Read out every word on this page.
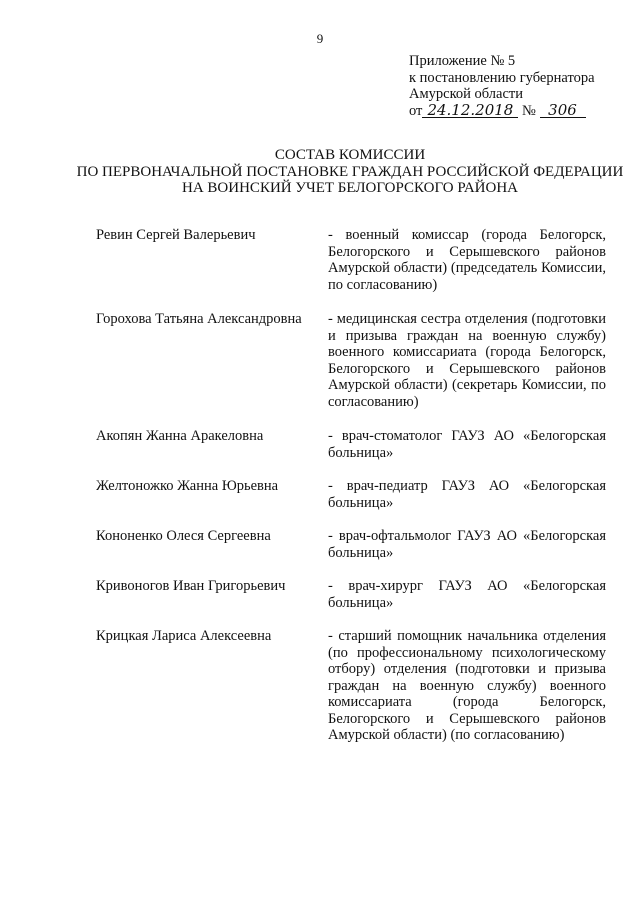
9
Приложение № 5
к постановлению губернатора
Амурской области
от 24.12.2018 № 306
СОСТАВ КОМИССИИ
ПО ПЕРВОНАЧАЛЬНОЙ ПОСТАНОВКЕ ГРАЖДАН РОССИЙСКОЙ ФЕДЕРАЦИИ
НА ВОИНСКИЙ УЧЕТ БЕЛОГОРСКОГО РАЙОНА
Ревин Сергей Валерьевич	- военный комиссар (города Белогорск, Белогорского и Серышевского районов Амурской области) (председатель Комиссии, по согласованию)
Горохова Татьяна Александровна	- медицинская сестра отделения (подготовки и призыва граждан на военную службу) военного комиссариата (города Белогорск, Белогорского и Серышевского районов Амурской области) (секретарь Комиссии, по согласованию)
Акопян Жанна Аракеловна	- врач-стоматолог ГАУЗ АО «Белогорская больница»
Желтоножко Жанна Юрьевна	- врач-педиатр ГАУЗ АО «Белогорская больница»
Кононенко Олеся Сергеевна	- врач-офтальмолог ГАУЗ АО «Белогорская больница»
Кривоногов Иван Григорьевич	- врач-хирург ГАУЗ АО «Белогорская больница»
Крицкая Лариса Алексеевна	- старший помощник начальника отделения (по профессиональному психологическому отбору) отделения (подготовки и призыва граждан на военную службу) военного комиссариата (города Белогорск, Белогорского и Серышевского районов Амурской области) (по согласованию)
